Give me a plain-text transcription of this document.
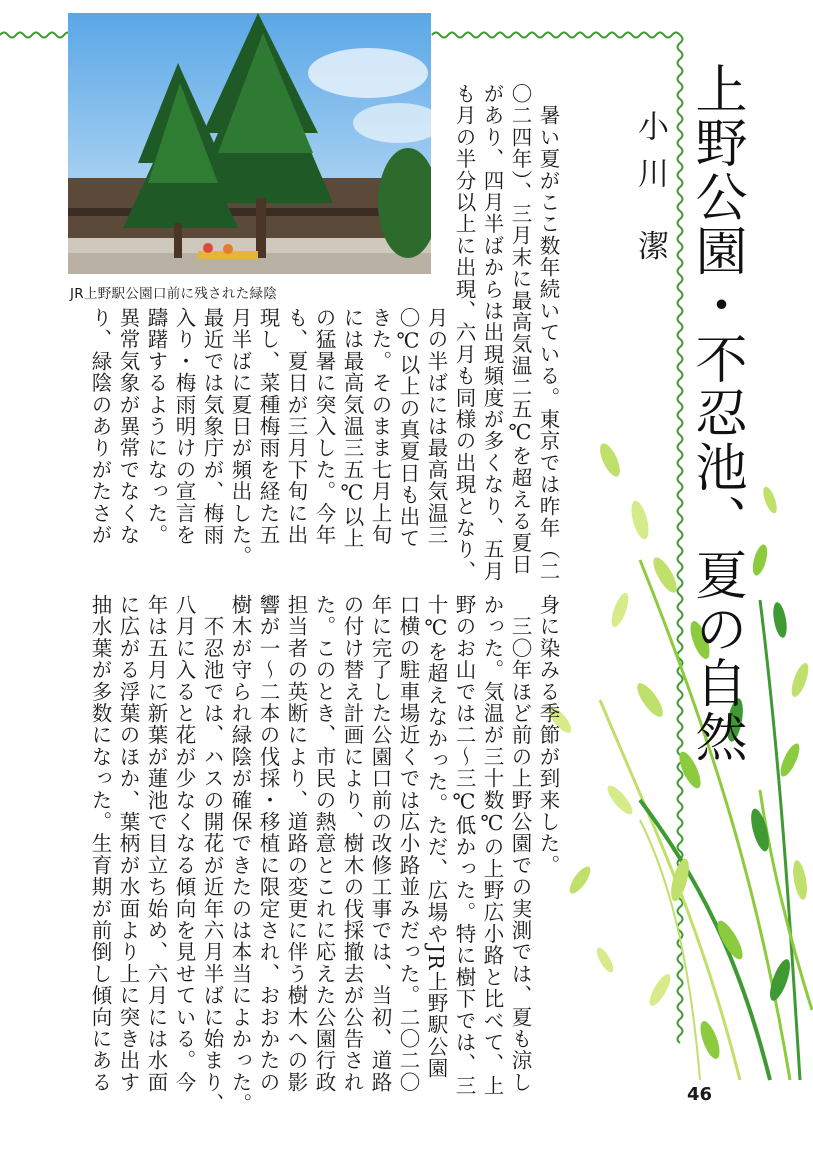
JR上野駅公園口前に残された緑陰	上野公園・不忍池、夏の自然
小川 潔
　暑い夏がここ数年続いている。東京では昨年（二
〇二四年）、三月末に最高気温二五℃を超える夏日
があり、四月半ばからは出現頻度が多くなり、五月
も月の半分以上に出現、六月も同様の出現となり、
月の半ばには最高気温三
〇℃以上の真夏日も出て
きた。そのまま七月上旬
には最高気温三五℃以上
の猛暑に突入した。今年
も、夏日が三月下旬に出
現し、菜種梅雨を経た五
月半ばに夏日が頻出した。
最近では気象庁が、梅雨
入り・梅雨明けの宣言を
躊躇するようになった。
異常気象が異常でなくな
り、緑陰のありがたさが
身に染みる季節が到来した。
　三〇年ほど前の上野公園での実測では、夏も涼し
かった。気温が三十数℃の上野広小路と比べて、上
野のお山では二～三℃低かった。特に樹下では、三
十℃を超えなかった。ただ、広場やJR上野駅公園
口横の駐車場近くでは広小路並みだった。二〇二〇
年に完了した公園口前の改修工事では、当初、道路
の付け替え計画により、樹木の伐採撤去が公告され
た。このとき、市民の熱意とこれに応えた公園行政
担当者の英断により、道路の変更に伴う樹木への影
響が一～二本の伐採・移植に限定され、おおかたの
樹木が守られ緑陰が確保できたのは本当によかった。
　不忍池では、ハスの開花が近年六月半ばに始まり、
八月に入ると花が少なくなる傾向を見せている。今
年は五月に新葉が蓮池で目立ち始め、六月には水面
に広がる浮葉のほか、葉柄が水面より上に突き出す
抽水葉が多数になった。生育期が前倒し傾向にある
46
